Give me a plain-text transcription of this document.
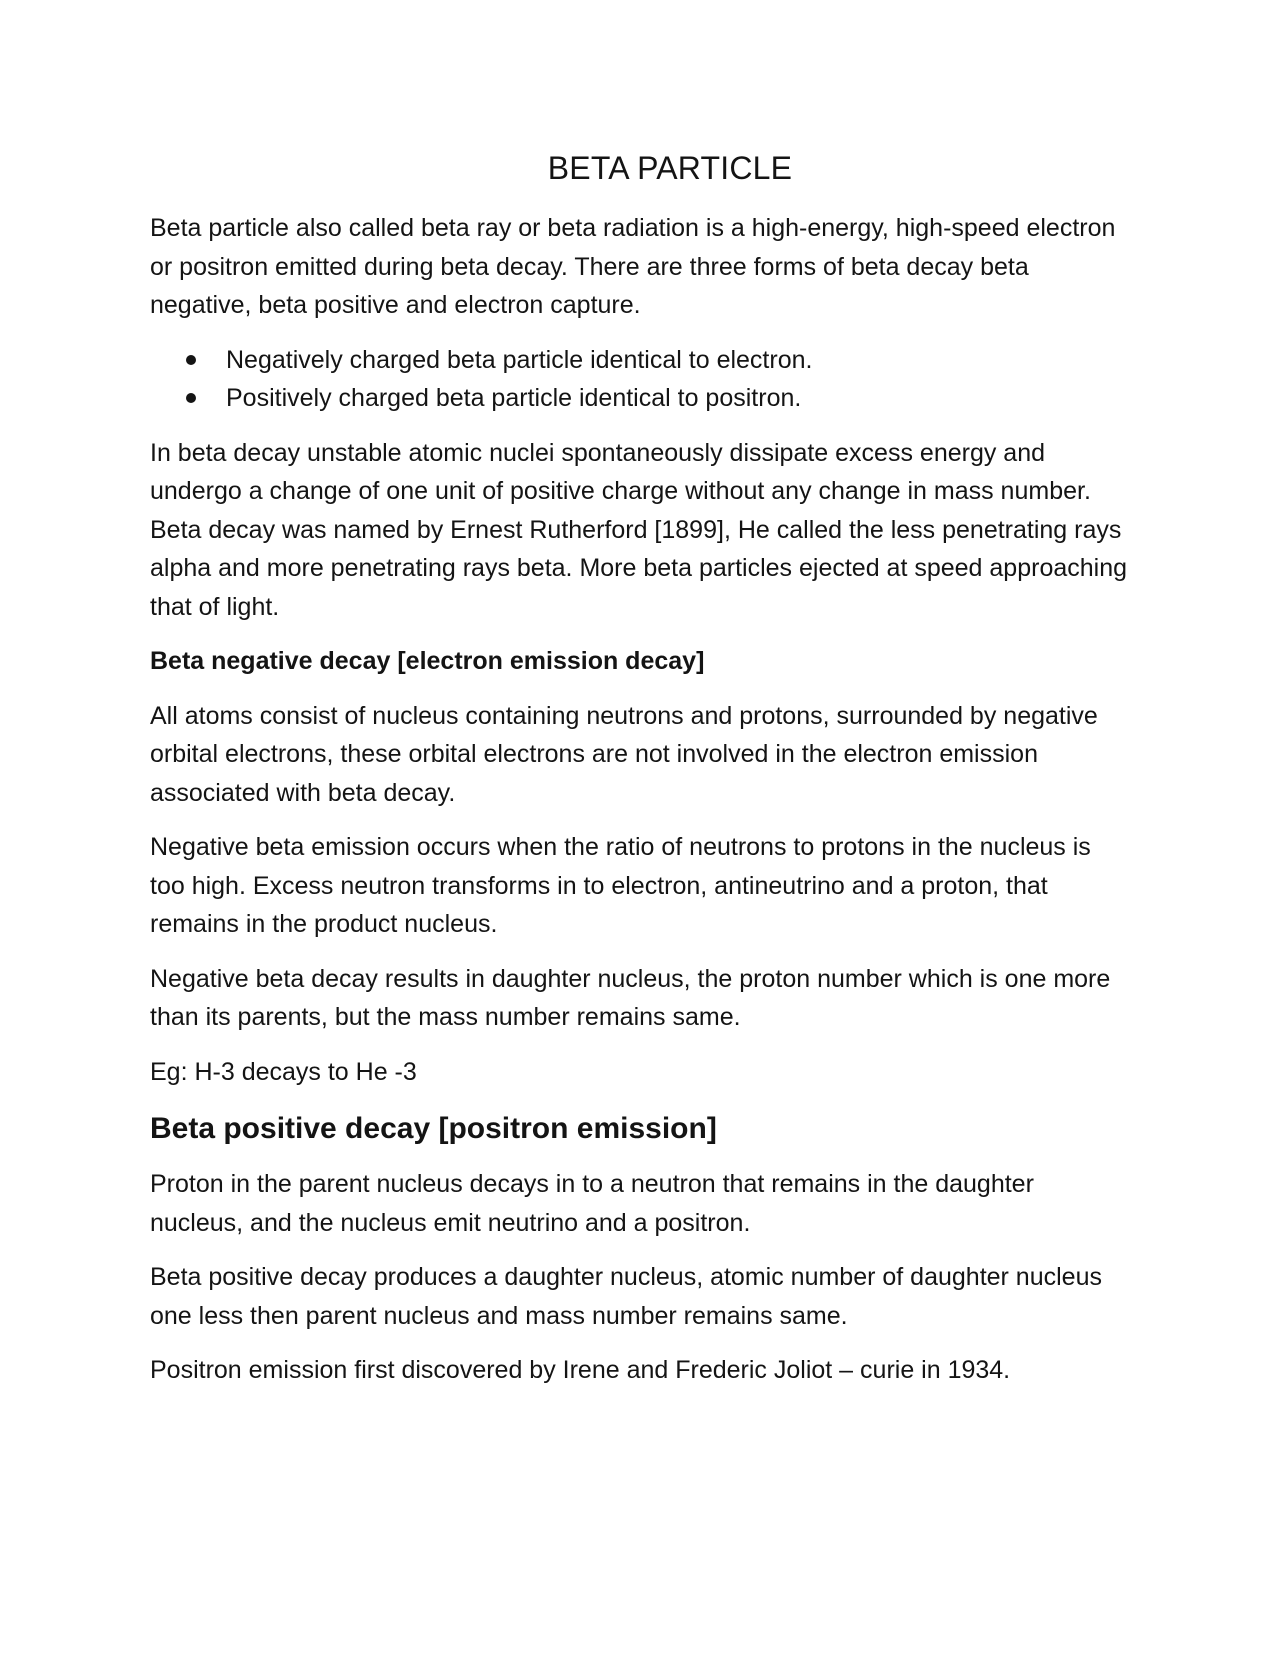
BETA PARTICLE

Beta particle also called beta ray or beta radiation is a high-energy, high-speed electron or positron emitted during beta decay. There are three forms of beta decay beta negative, beta positive and electron capture.

Negatively charged beta particle identical to electron.
Positively charged beta particle identical to positron.

In beta decay unstable atomic nuclei spontaneously dissipate excess energy and undergo a change of one unit of positive charge without any change in mass number. Beta decay was named by Ernest Rutherford [1899], He called the less penetrating rays alpha and more penetrating rays beta. More beta particles ejected at speed approaching that of light.

Beta negative decay [electron emission decay]

All atoms consist of nucleus containing neutrons and protons, surrounded by negative orbital electrons, these orbital electrons are not involved in the electron emission associated with beta decay.

Negative beta emission occurs when the ratio of neutrons to protons in the nucleus is too high. Excess neutron transforms in to electron, antineutrino and a proton, that remains in the product nucleus.

Negative beta decay results in daughter nucleus, the proton number which is one more than its parents, but the mass number remains same.

Eg: H-3 decays to He -3

Beta positive decay [positron emission]

Proton in the parent nucleus decays in to a neutron that remains in the daughter nucleus, and the nucleus emit neutrino and a positron.

Beta positive decay produces a daughter nucleus, atomic number of daughter nucleus one less then parent nucleus and mass number remains same.

Positron emission first discovered by Irene and Frederic Joliot – curie in 1934.
